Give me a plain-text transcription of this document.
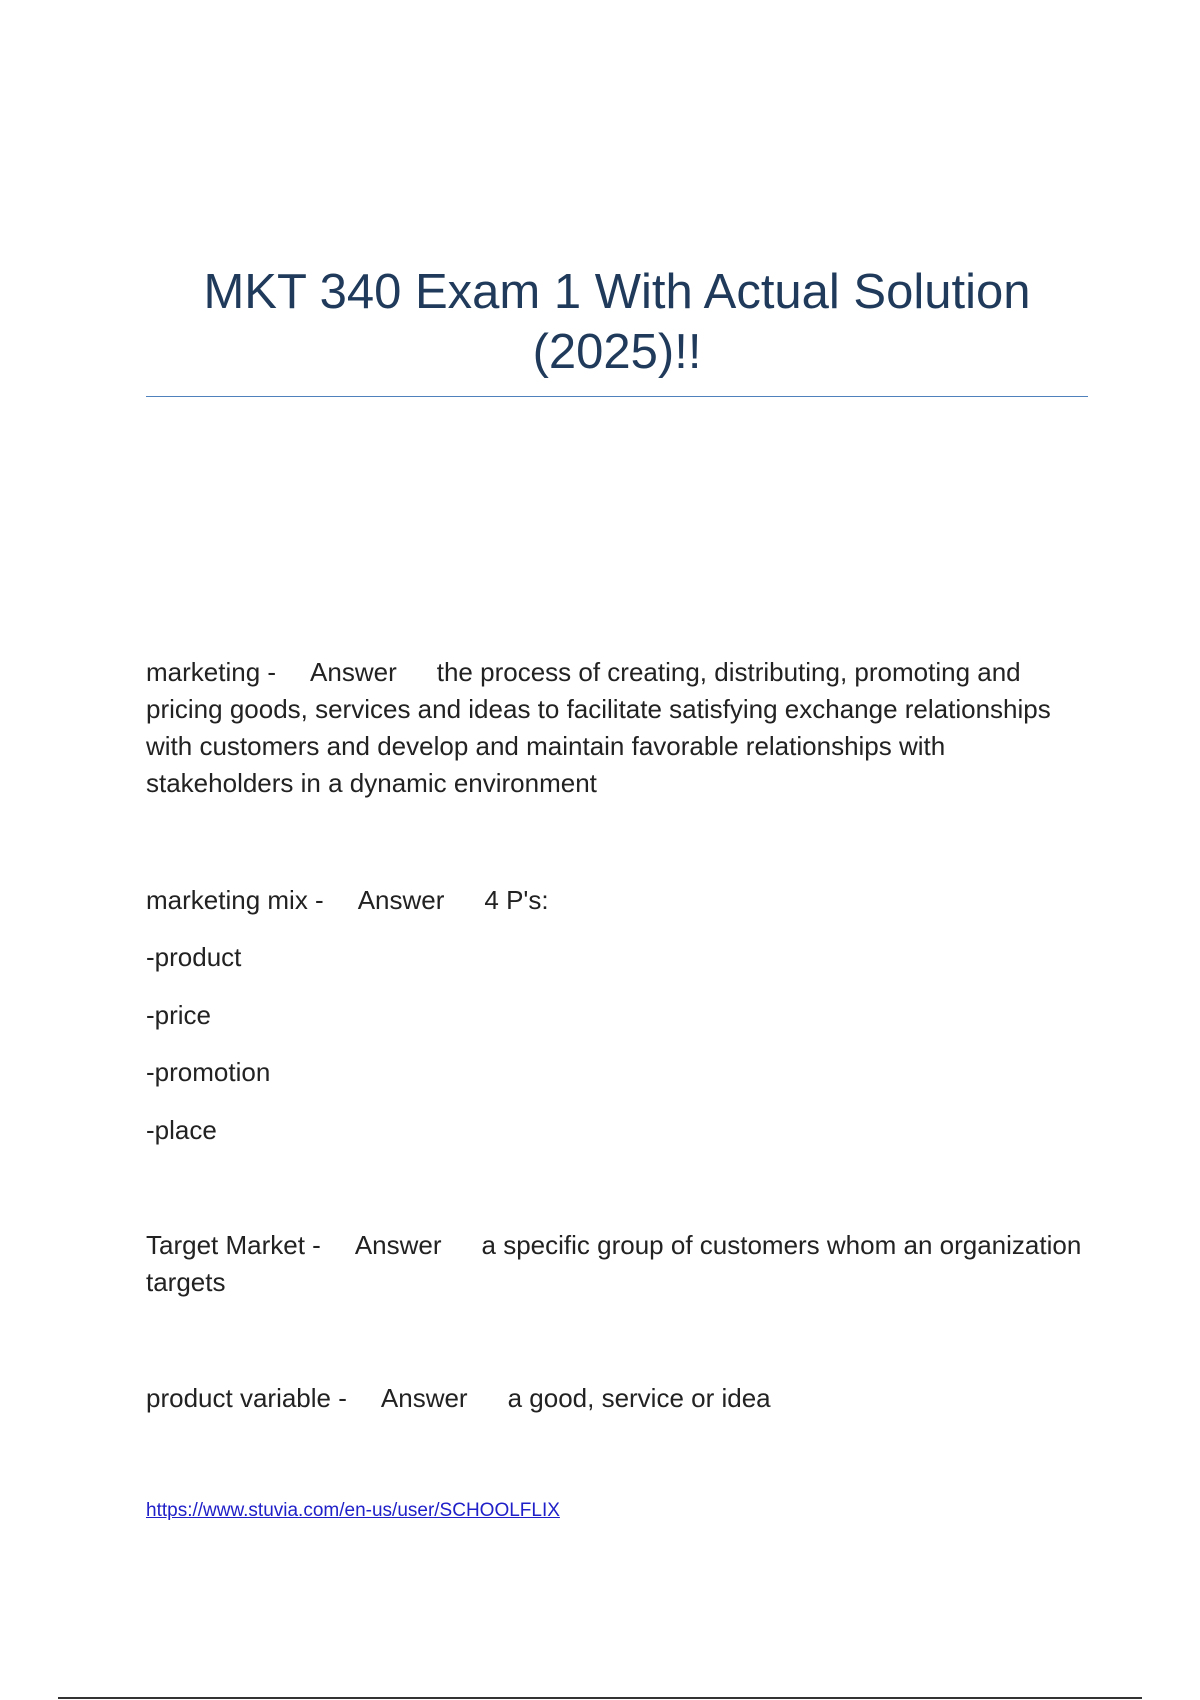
MKT 340 Exam 1 With Actual Solution (2025)!!
marketing - Answer the process of creating, distributing, promoting and pricing goods, services and ideas to facilitate satisfying exchange relationships with customers and develop and maintain favorable relationships with stakeholders in a dynamic environment
marketing mix - Answer 4 P's:
-product
-price
-promotion
-place
Target Market - Answer a specific group of customers whom an organization targets
product variable - Answer a good, service or idea
https://www.stuvia.com/en-us/user/SCHOOLFLIX
